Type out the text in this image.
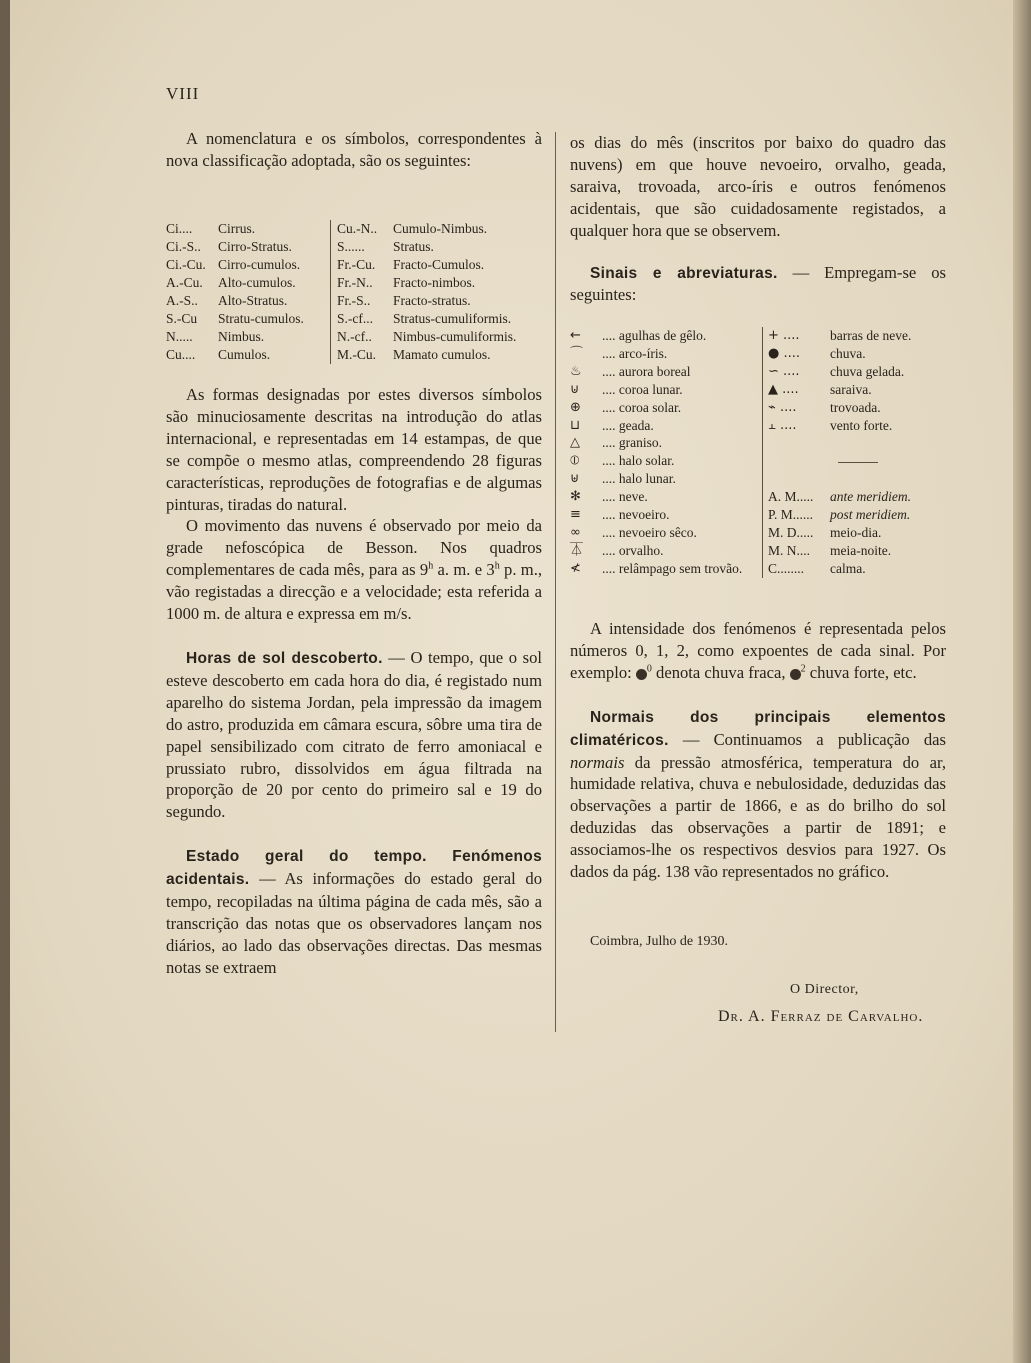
VIII

A nomenclatura e os símbolos, correspondentes à nova classificação adoptada, são os seguintes:

Ci....	Cirrus.	Cu.-N..	Cumulo-Nimbus.
Ci.-S..	Cirro-Stratus.	S......	Stratus.
Ci.-Cu.	Cirro-cumulos.	Fr.-Cu.	Fracto-Cumulos.
A.-Cu.	Alto-cumulos.	Fr.-N..	Fracto-nimbos.
A.-S..	Alto-Stratus.	Fr.-S..	Fracto-stratus.
S.-Cu	Stratu-cumulos.	S.-cf...	Stratus-cumuliformis.
N.....	Nimbus.	N.-cf..	Nimbus-cumuliformis.
Cu....	Cumulos.	M.-Cu.	Mamato cumulos.

As formas designadas por estes diversos símbolos são minuciosamente descritas na introdução do atlas internacional, e representadas em 14 estampas, de que se compõe o mesmo atlas, compreendendo 28 figuras características, reproduções de fotografias e de algumas pinturas, tiradas do natural.

O movimento das nuvens é observado por meio da grade nefoscópica de Besson. Nos quadros complementares de cada mês, para as 9$^h$ a. m. e 3$^h$ p. m., vão registadas a direcção e a velocidade; esta referida a 1000 m. de altura e expressa em m/s.

Horas de sol descoberto. — O tempo, que o sol esteve descoberto em cada hora do dia, é registado num aparelho do sistema Jordan, pela impressão da imagem do astro, produzida em câmara escura, sôbre uma tira de papel sensibilizado com citrato de ferro amoniacal e prussiato rubro, dissolvidos em água filtrada na proporção de 20 por cento do primeiro sal e 19 do segundo.

Estado geral do tempo. Fenómenos acidentais. — As informações do estado geral do tempo, recopiladas na última página de cada mês, são a transcrição das notas que os observadores lançam nos diários, ao lado das observações directas. Das mesmas notas se extraem

os dias do mês (inscritos por baixo do quadro das nuvens) em que houve nevoeiro, orvalho, geada, saraiva, trovoada, arco-íris e outros fenómenos acidentais, que são cuidadosamente registados, a qualquer hora que se observem.

Sinais e abreviaturas. — Empregam-se os seguintes:

←	.... agulhas de gêlo.		+ ....	barras de neve.
⌒	.... arco-íris.		● ....	chuva.
♨	.... aurora boreal		∽ ....	chuva gelada.
⊍	.... coroa lunar.		▲ ....	saraiva.
⊕	.... coroa solar.		⌁ ....	trovoada.
⊔	.... geada.		⫠ ....	vento forte.
△	.... graniso.			
⦶	.... halo solar.			
⊎	.... halo lunar.			
✻	.... neve.		A. M.....	ante meridiem.
≡	.... nevoeiro.		P. M......	post meridiem.
∞	.... nevoeiro sêco.		M. D.....	meio-dia.
⏄	.... orvalho.		M. N....	meia-noite.
≮	.... relâmpago sem trovão.		C........	calma.

A intensidade dos fenómenos é representada pelos números 0, 1, 2, como expoentes de cada sinal. Por exemplo: $^0$ denota chuva fraca, $^2$ chuva forte, etc.

Normais dos principais elementos climatéricos. — Continuamos a publicação das normais da pressão atmosférica, temperatura do ar, humidade relativa, chuva e nebulosidade, deduzidas das observações a partir de 1866, e as do brilho do sol deduzidas das observações a partir de 1891; e associamos-lhe os respectivos desvios para 1927. Os dados da pág. 138 vão representados no gráfico.

Coimbra, Julho de 1930.
O Director,
Dr. A. Ferraz de Carvalho.
